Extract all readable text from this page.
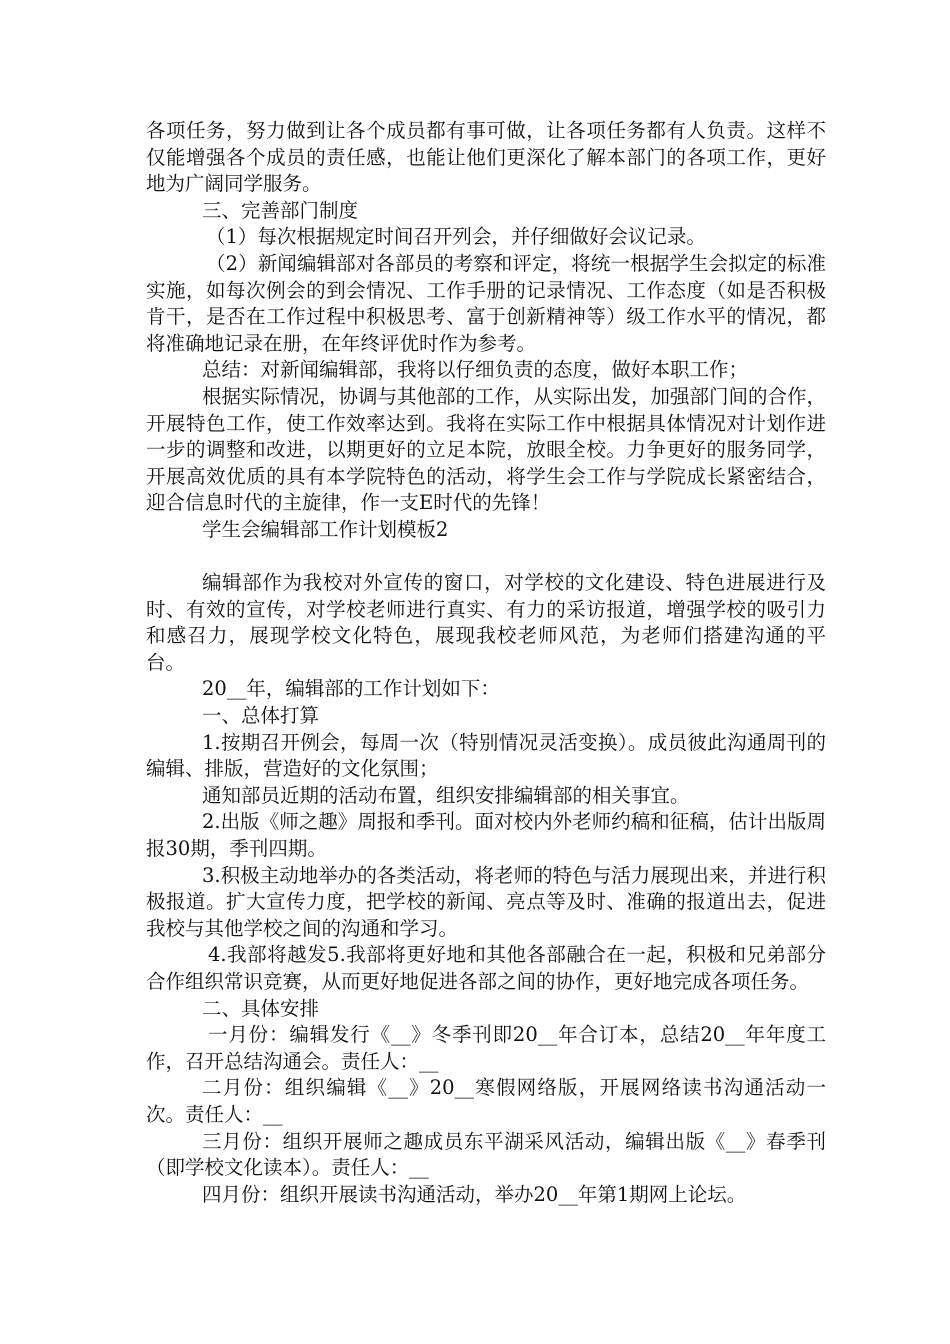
各项任务，努力做到让各个成员都有事可做，让各项任务都有人负责。这样不仅能增强各个成员的责任感，也能让他们更深化了解本部门的各项工作，更好地为广阔同学服务。

三、完善部门制度

（1）每次根据规定时间召开列会，并仔细做好会议记录。

（2）新闻编辑部对各部员的考察和评定，将统一根据学生会拟定的标准实施，如每次例会的到会情况、工作手册的记录情况、工作态度（如是否积极肯干，是否在工作过程中积极思考、富于创新精神等）级工作水平的情况，都将准确地记录在册，在年终评优时作为参考。

总结：对新闻编辑部，我将以仔细负责的态度，做好本职工作；

根据实际情况，协调与其他部的工作，从实际出发，加强部门间的合作，开展特色工作，使工作效率达到。我将在实际工作中根据具体情况对计划作进一步的调整和改进，以期更好的立足本院，放眼全校。力争更好的服务同学，开展高效优质的具有本学院特色的活动，将学生会工作与学院成长紧密结合，迎合信息时代的主旋律，作一支E时代的先锋！

学生会编辑部工作计划模板2

编辑部作为我校对外宣传的窗口，对学校的文化建设、特色进展进行及时、有效的宣传，对学校老师进行真实、有力的采访报道，增强学校的吸引力和感召力，展现学校文化特色，展现我校老师风范，为老师们搭建沟通的平台。

20__年，编辑部的工作计划如下：

一、总体打算

1.按期召开例会，每周一次（特别情况灵活变换）。成员彼此沟通周刊的编辑、排版，营造好的文化氛围；

通知部员近期的活动布置，组织安排编辑部的相关事宜。

2.出版《师之趣》周报和季刊。面对校内外老师约稿和征稿，估计出版周报30期，季刊四期。

3.积极主动地举办的各类活动，将老师的特色与活力展现出来，并进行积极报道。扩大宣传力度，把学校的新闻、亮点等及时、准确的报道出去，促进我校与其他学校之间的沟通和学习。

4.我部将越发5.我部将更好地和其他各部融合在一起，积极和兄弟部分合作组织常识竞赛，从而更好地促进各部之间的协作，更好地完成各项任务。

二、具体安排

一月份：编辑发行《__》冬季刊即20__年合订本，总结20__年年度工作，召开总结沟通会。责任人：__

二月份：组织编辑《__》20__寒假网络版，开展网络读书沟通活动一次。责任人：__

三月份：组织开展师之趣成员东平湖采风活动，编辑出版《__》春季刊（即学校文化读本）。责任人：__

四月份：组织开展读书沟通活动，举办20__年第1期网上论坛。
